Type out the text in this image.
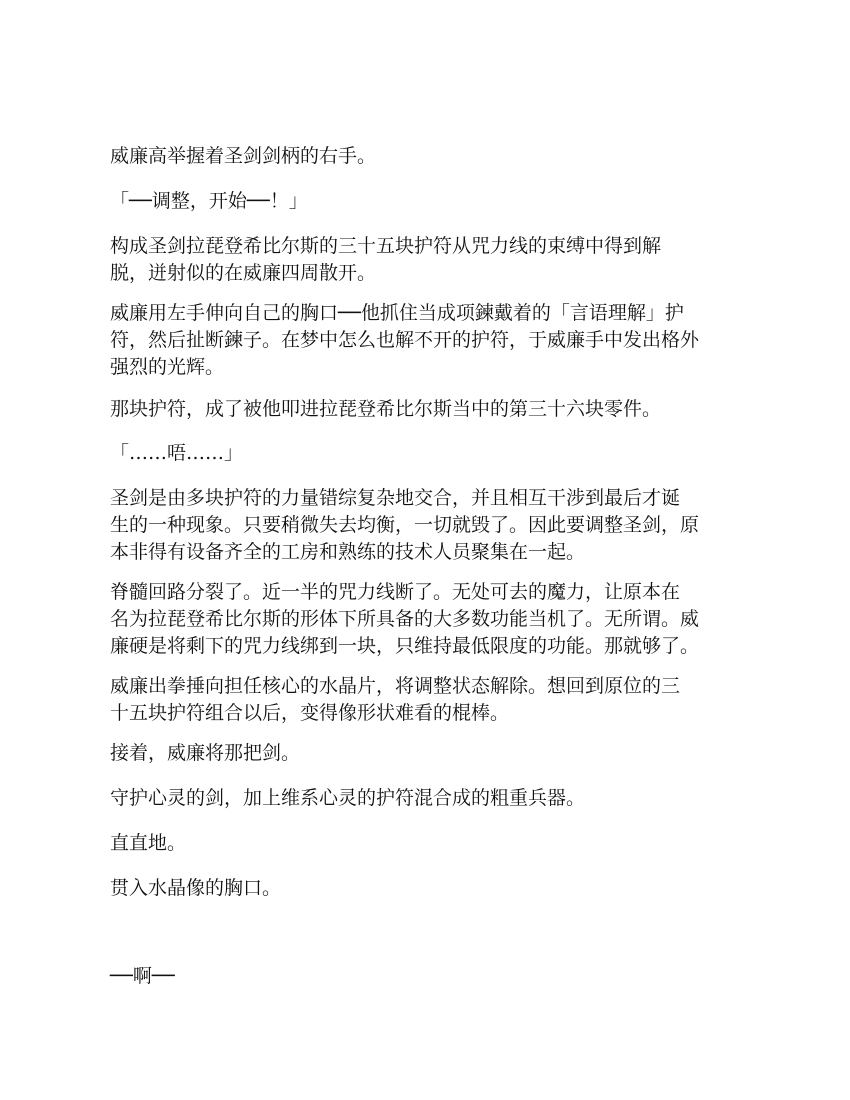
威廉高举握着圣剑剑柄的右手。
「──调整，开始──！」
构成圣剑拉琵登希比尔斯的三十五块护符从咒力线的束缚中得到解
脱，迸射似的在威廉四周散开。
威廉用左手伸向自己的胸口──他抓住当成项鍊戴着的「言语理解」护
符，然后扯断鍊子。在梦中怎么也解不开的护符，于威廉手中发出格外
强烈的光辉。
那块护符，成了被他叩进拉琵登希比尔斯当中的第三十六块零件。
「……唔……」
圣剑是由多块护符的力量错综复杂地交合，并且相互干涉到最后才诞
生的一种现象。只要稍微失去均衡，一切就毁了。因此要调整圣剑，原
本非得有设备齐全的工房和熟练的技术人员聚集在一起。
脊髓回路分裂了。近一半的咒力线断了。无处可去的魔力，让原本在
名为拉琵登希比尔斯的形体下所具备的大多数功能当机了。无所谓。威
廉硬是将剩下的咒力线绑到一块，只维持最低限度的功能。那就够了。
威廉出拳捶向担任核心的水晶片，将调整状态解除。想回到原位的三
十五块护符组合以后，变得像形状难看的棍棒。
接着，威廉将那把剑。
守护心灵的剑，加上维系心灵的护符混合成的粗重兵器。
直直地。
贯入水晶像的胸口。
──啊──
